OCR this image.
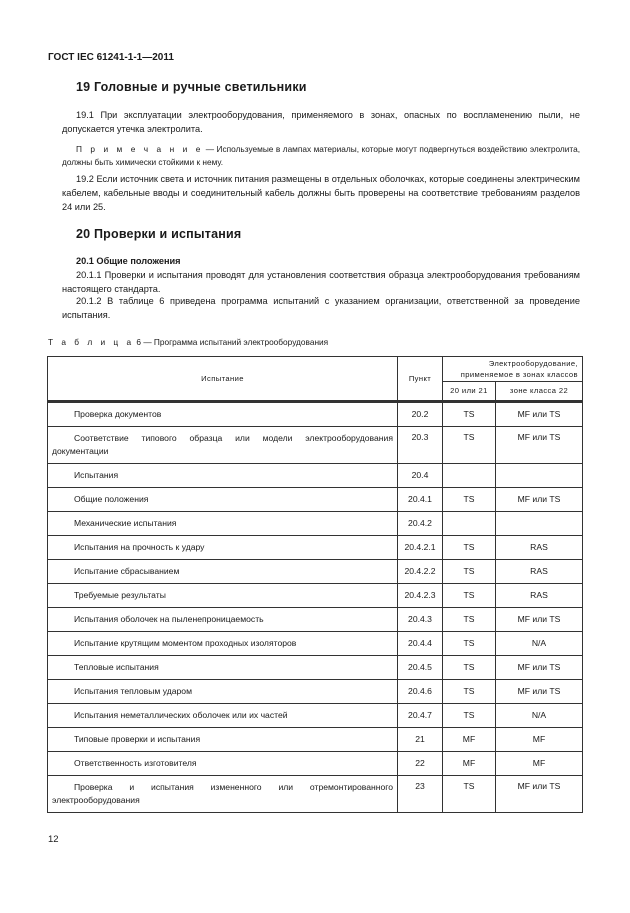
ГОСТ IEC 61241-1-1—2011
19 Головные и ручные светильники

19.1 При эксплуатации электрооборудования, применяемого в зонах, опасных по воспламенению пыли, не допускается утечка электролита.

П р и м е ч а н и е — Используемые в лампах материалы, которые могут подвергнуться воздействию электролита, должны быть химически стойкими к нему.

19.2 Если источник света и источник питания размещены в отдельных оболочках, которые соединены электрическим кабелем, кабельные вводы и соединительный кабель должны быть проверены на соответствие требованиям разделов 24 или 25.

20 Проверки и испытания

20.1 Общие положения

20.1.1 Проверки и испытания проводят для установления соответствия образца электрооборудования требованиям настоящего стандарта.

20.1.2 В таблице 6 приведена программа испытаний с указанием организации, ответственной за проведение испытания.

Т а б л и ц а 6 — Программа испытаний электрооборудования
Испытание	Пункт	Электрооборудование, применяемое в зонах классов	
		20 или 21	зоне класса 22

Проверка документов	20.2	TS	MF или TS
Соответствие типового образца или модели электрооборудования документации	20.3	TS	MF или TS
Испытания	20.4		
Общие положения	20.4.1	TS	MF или TS
Механические испытания	20.4.2		
Испытания на прочность к удару	20.4.2.1	TS	RAS
Испытание сбрасыванием	20.4.2.2	TS	RAS
Требуемые результаты	20.4.2.3	TS	RAS
Испытания оболочек на пыленепроницаемость	20.4.3	TS	MF или TS
Испытание крутящим моментом проходных изоляторов	20.4.4	TS	N/A
Тепловые испытания	20.4.5	TS	MF или TS
Испытания тепловым ударом	20.4.6	TS	MF или TS
Испытания неметаллических оболочек или их частей	20.4.7	TS	N/A
Типовые проверки и испытания	21	MF	MF
Ответственность изготовителя	22	MF	MF
Проверка и испытания измененного или отремонтированного электрооборудования	23	TS	MF или TS
12
